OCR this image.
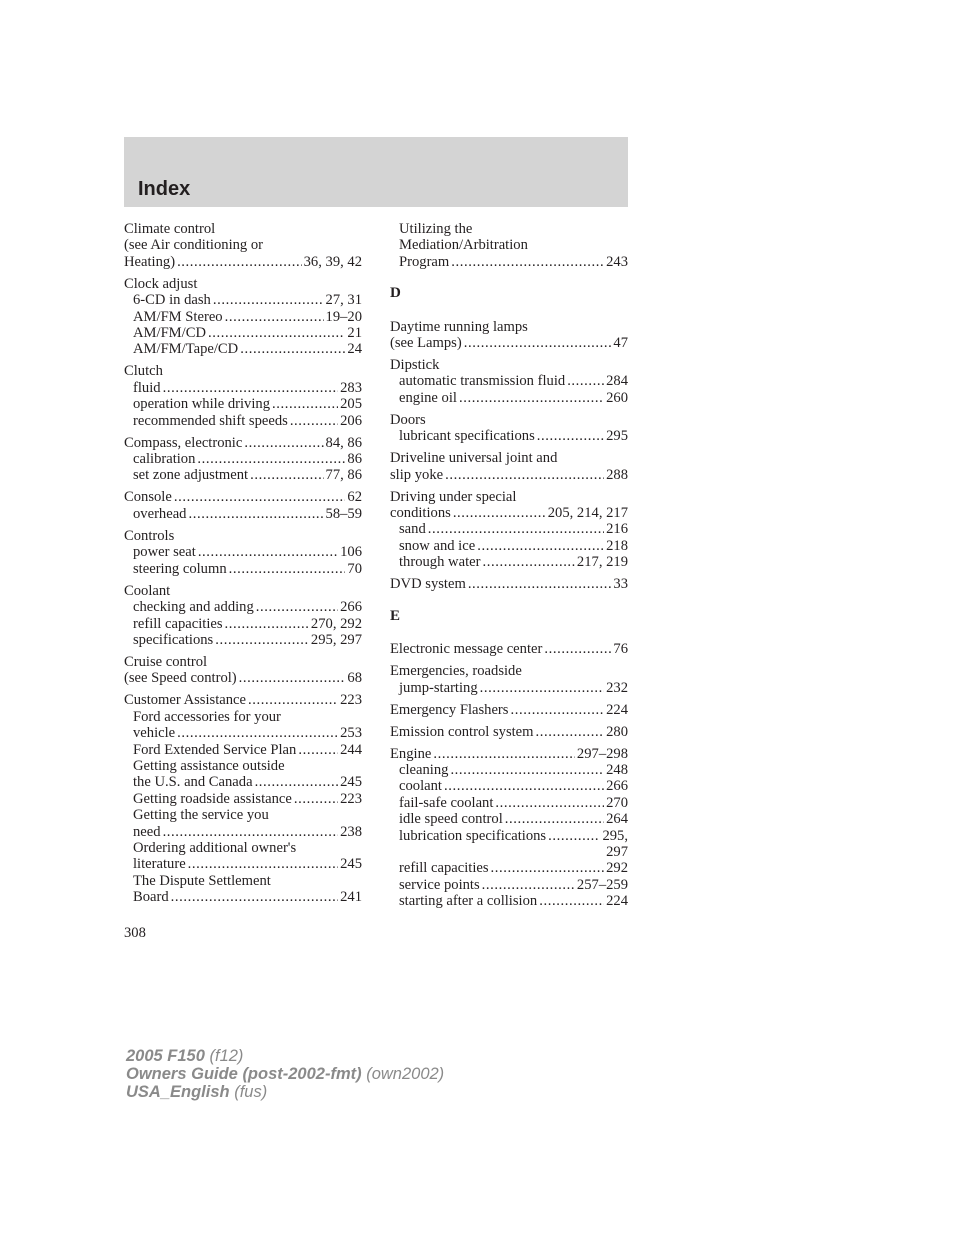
Index
Climate control
(see Air conditioning or
Heating) .....	36, 39, 42
Clock adjust
6-CD in dash .....	27, 31
AM/FM Stereo .....	19–20
AM/FM/CD .....	21
AM/FM/Tape/CD .....	24
Clutch
fluid .....	283
operation while driving .....	205
recommended shift speeds .....	206
Compass, electronic .....	84, 86
calibration .....	86
set zone adjustment .....	77, 86
Console .....	62
overhead .....	58–59
Controls
power seat .....	106
steering column .....	70
Coolant
checking and adding .....	266
refill capacities .....	270, 292
specifications .....	295, 297
Cruise control
(see Speed control) .....	68
Customer Assistance .....	223
Ford accessories for your
vehicle .....	253
Ford Extended Service Plan .....	244
Getting assistance outside
the U.S. and Canada .....	245
Getting roadside assistance .....	223
Getting the service you
need .....	238
Ordering additional owner's
literature .....	245
The Dispute Settlement
Board .....	241
Utilizing the
Mediation/Arbitration
Program .....	243
D
Daytime running lamps
(see Lamps) .....	47
Dipstick
automatic transmission fluid .....	284
engine oil .....	260
Doors
lubricant specifications .....	295
Driveline universal joint and
slip yoke .....	288
Driving under special
conditions .....	205, 214, 217
sand .....	216
snow and ice .....	218
through water .....	217, 219
DVD system .....	33
E
Electronic message center .....	76
Emergencies, roadside
jump-starting .....	232
Emergency Flashers .....	224
Emission control system .....	280
Engine .....	297–298
cleaning .....	248
coolant .....	266
fail-safe coolant .....	270
idle speed control .....	264
lubrication specifications .....	295,
297
refill capacities .....	292
service points .....	257–259
starting after a collision .....	224
308
2005 F150 (f12)
Owners Guide (post-2002-fmt) (own2002)
USA_English (fus)
